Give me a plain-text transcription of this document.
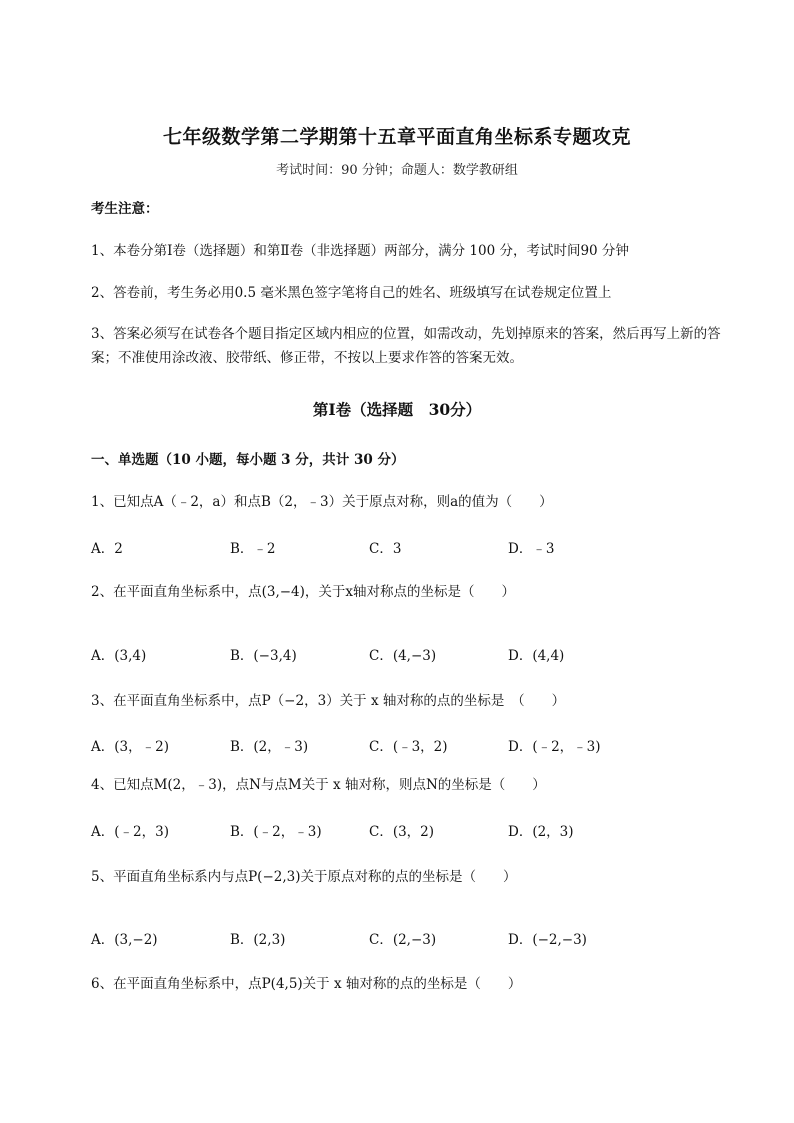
七年级数学第二学期第十五章平面直角坐标系专题攻克
考试时间：90 分钟；命题人：数学教研组
考生注意：
1、本卷分第Ⅰ卷（选择题）和第Ⅱ卷（非选择题）两部分，满分 100 分，考试时间90 分钟
2、答卷前，考生务必用0.5 毫米黑色签字笔将自己的姓名、班级填写在试卷规定位置上
3、答案必须写在试卷各个题目指定区域内相应的位置，如需改动，先划掉原来的答案，然后再写上新的答案；不准使用涂改液、胶带纸、修正带，不按以上要求作答的答案无效。
第Ⅰ卷（选择题　30分）
一、单选题（10 小题，每小题 3 分，共计 30 分）
1、已知点A（﹣2，a）和点B（2，﹣3）关于原点对称，则a的值为（　　）
A．2	B．﹣2	C．3	D．﹣3
2、在平面直角坐标系中，点(3,−4)，关于x轴对称点的坐标是（　　）
A．(3,4)	B．(−3,4)	C．(4,−3)	D．(4,4)
3、在平面直角坐标系中，点P（−2，3）关于 x 轴对称的点的坐标是　（　　）
A．(3，﹣2)	B．(2，﹣3)	C．(﹣3，2)	D．(﹣2，﹣3)
4、已知点M(2，﹣3)，点N与点M关于 x 轴对称，则点N的坐标是（　　）
A．(﹣2，3)	B．(﹣2，﹣3)	C．(3，2)	D．(2，3)
5、平面直角坐标系内与点P(−2,3)关于原点对称的点的坐标是（　　）
A．(3,−2)	B．(2,3)	C．(2,−3)	D．(−2,−3)
6、在平面直角坐标系中，点P(4,5)关于 x 轴对称的点的坐标是（　　）
